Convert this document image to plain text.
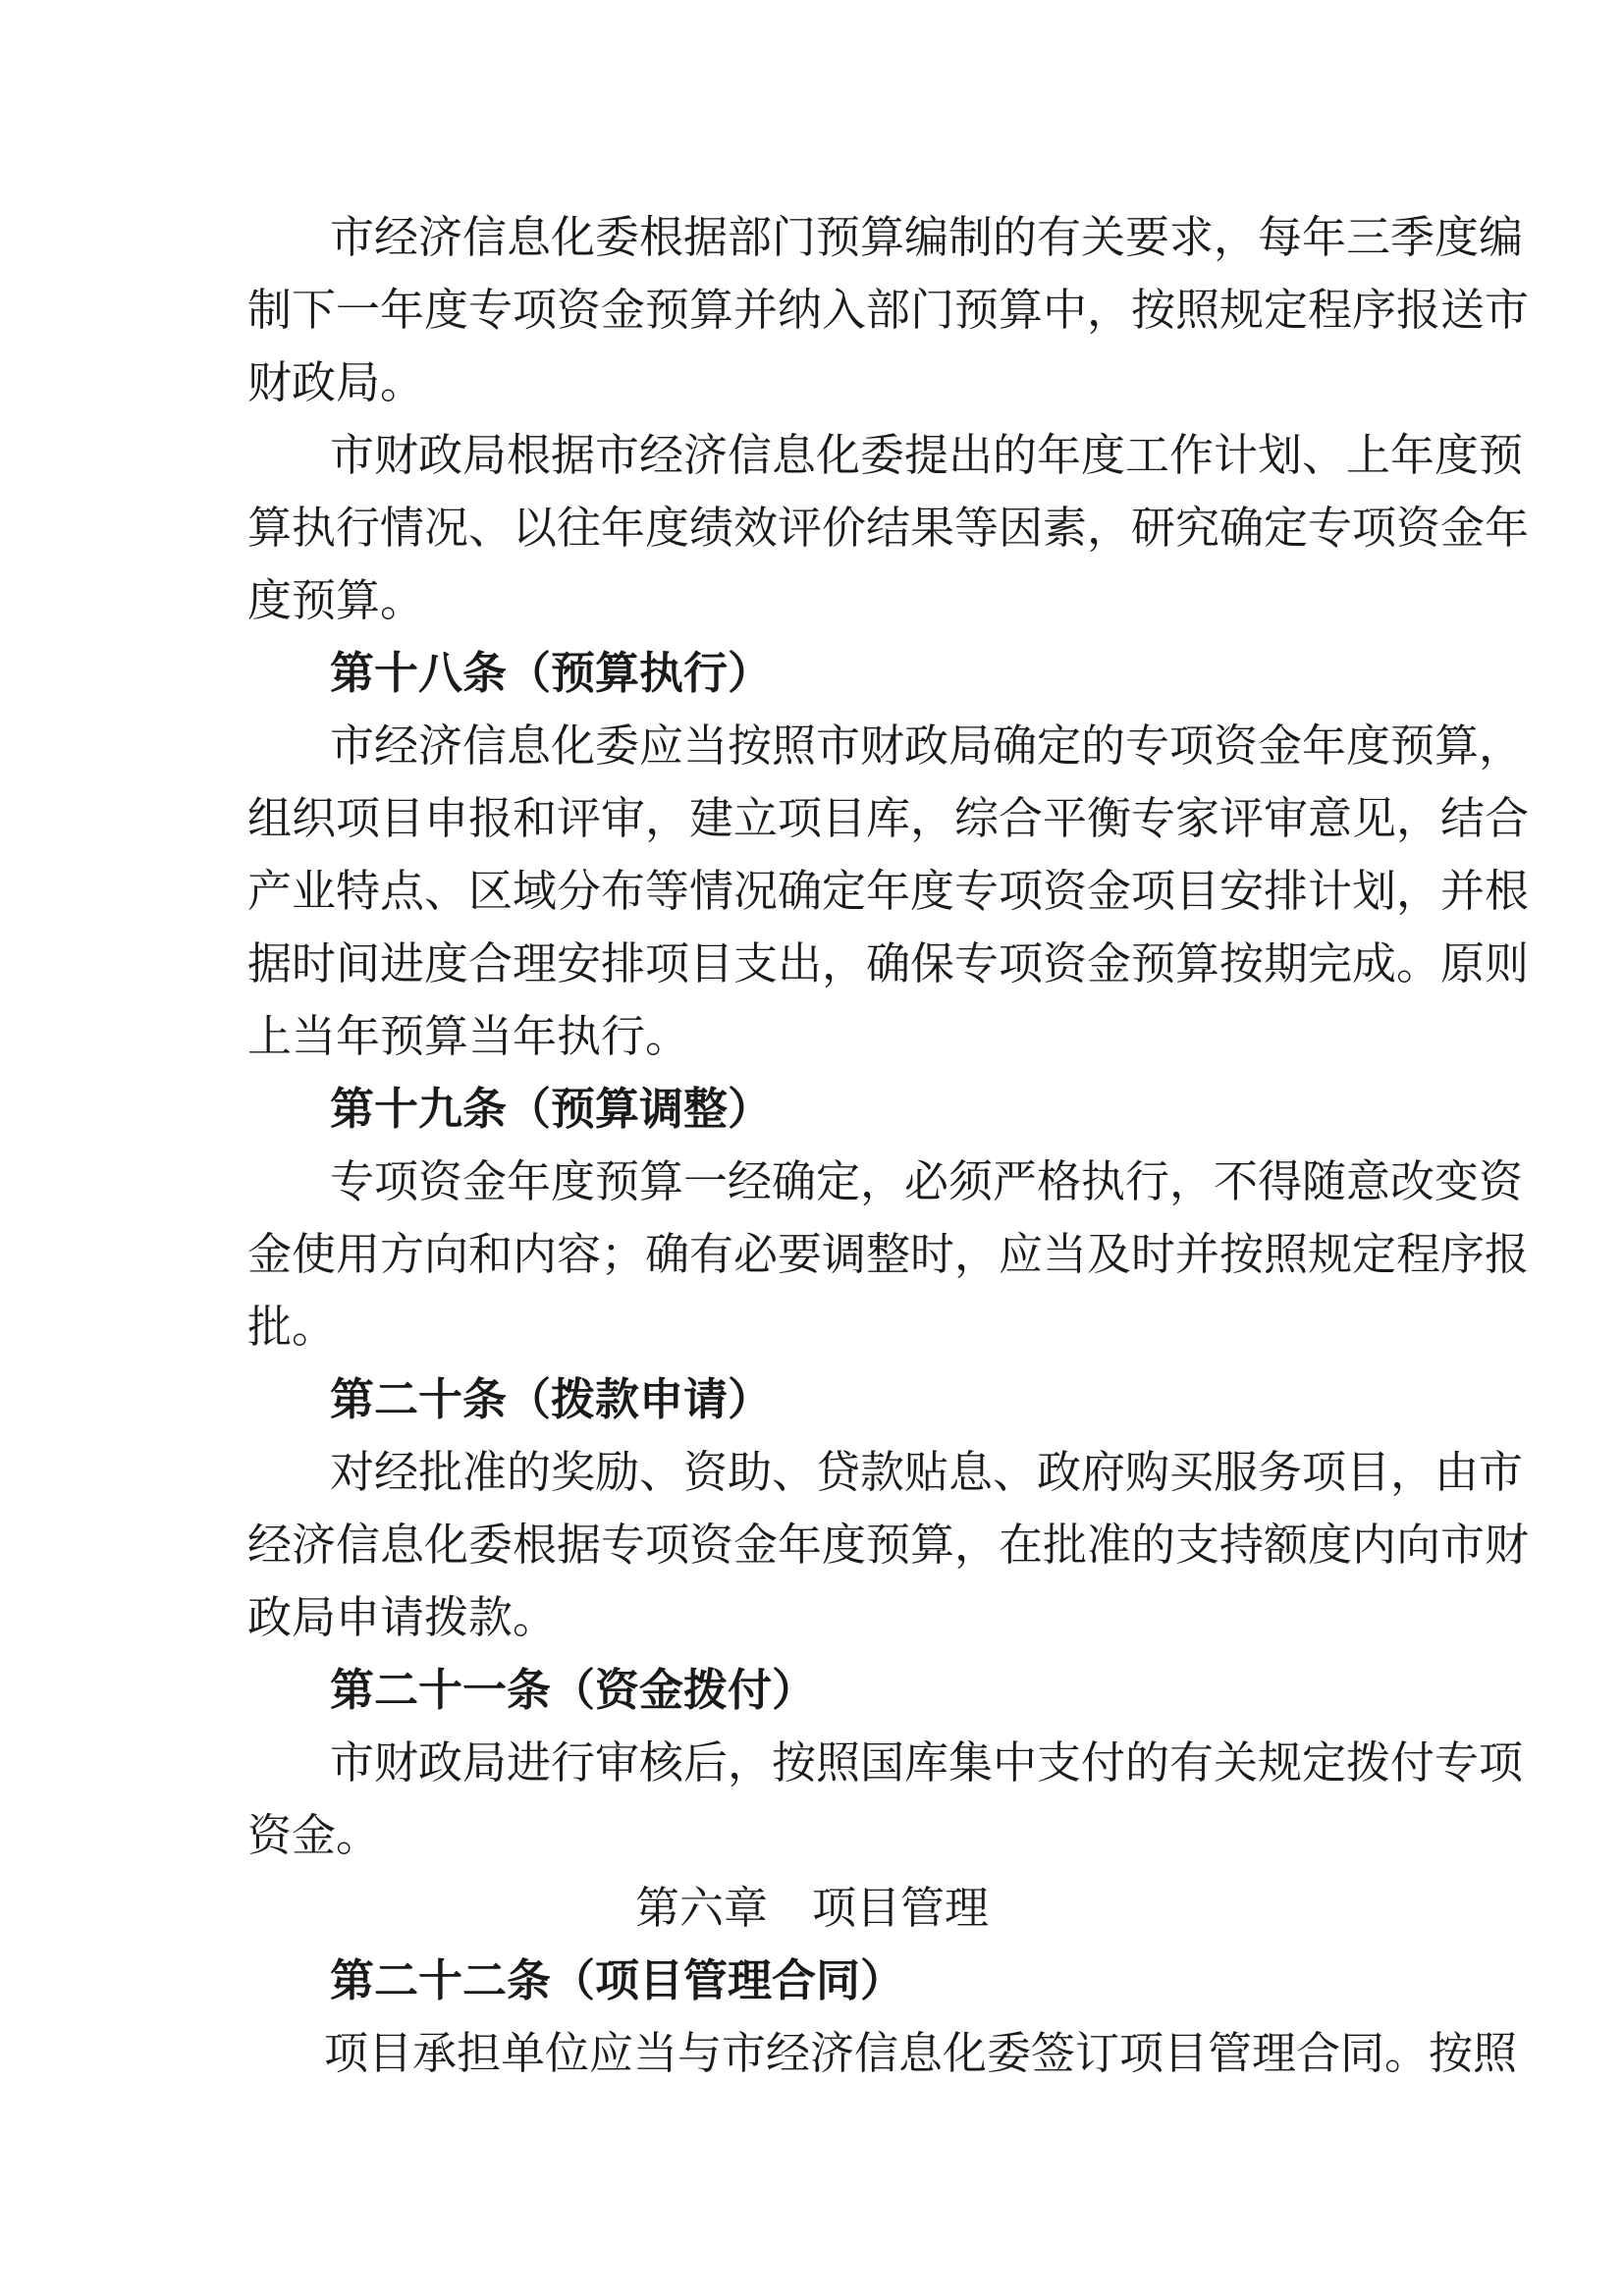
市经济信息化委根据部门预算编制的有关要求，每年三季度编
制下一年度专项资金预算并纳入部门预算中，按照规定程序报送市
财政局。
市财政局根据市经济信息化委提出的年度工作计划、上年度预
算执行情况、以往年度绩效评价结果等因素，研究确定专项资金年
度预算。
第十八条（预算执行）
市经济信息化委应当按照市财政局确定的专项资金年度预算，
组织项目申报和评审，建立项目库，综合平衡专家评审意见，结合
产业特点、区域分布等情况确定年度专项资金项目安排计划，并根
据时间进度合理安排项目支出，确保专项资金预算按期完成。原则
上当年预算当年执行。
第十九条（预算调整）
专项资金年度预算一经确定，必须严格执行，不得随意改变资
金使用方向和内容；确有必要调整时，应当及时并按照规定程序报
批。
第二十条（拨款申请）
对经批准的奖励、资助、贷款贴息、政府购买服务项目，由市
经济信息化委根据专项资金年度预算，在批准的支持额度内向市财
政局申请拨款。
第二十一条（资金拨付）
市财政局进行审核后，按照国库集中支付的有关规定拨付专项
资金。
第六章　项目管理
第二十二条（项目管理合同）
项目承担单位应当与市经济信息化委签订项目管理合同。按照
